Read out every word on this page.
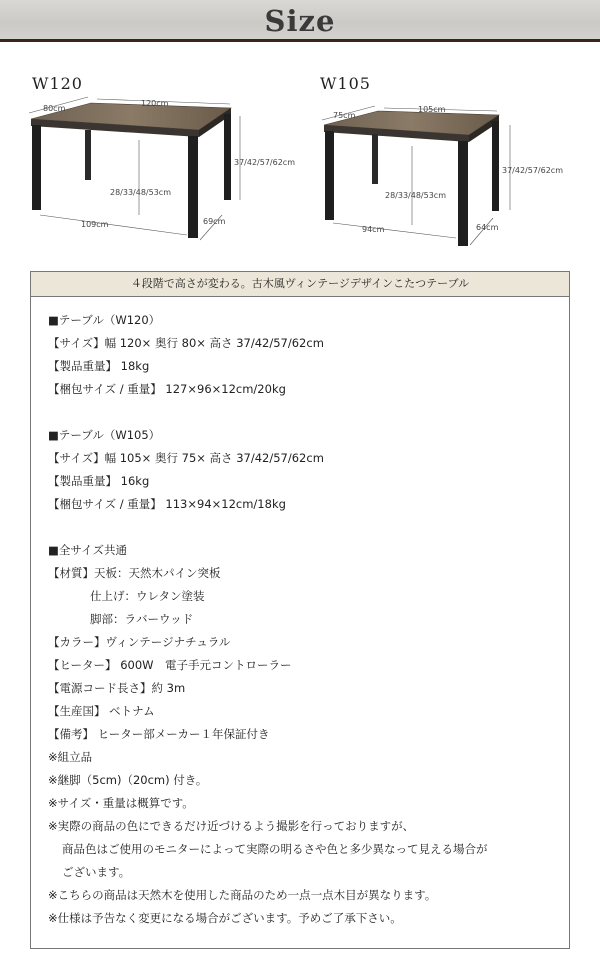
Size
W120
80cm
120cm
37/42/57/62cm
28/33/48/53cm
109cm	69cm
W105
75cm
105cm
37/42/57/62cm
28/33/48/53cm
94cm	64cm
４段階で高さが変わる。古木風ヴィンテージデザインこたつテーブル
■テーブル（W120）
【サイズ】幅 120× 奥行 80× 高さ 37/42/57/62cm
【製品重量】 18kg
【梱包サイズ / 重量】 127×96×12cm/20kg
■テーブル（W105）
【サイズ】幅 105× 奥行 75× 高さ 37/42/57/62cm
【製品重量】 16kg
【梱包サイズ / 重量】 113×94×12cm/18kg
■全サイズ共通
【材質】天板：天然木パイン突板
仕上げ：ウレタン塗装
脚部：ラバーウッド
【カラー】ヴィンテージナチュラル
【ヒーター】 600W　電子手元コントローラー
【電源コード長さ】約 3m
【生産国】 ベトナム
【備考】 ヒーター部メーカー１年保証付き
※組立品
※継脚（5cm)（20cm) 付き。
※サイズ・重量は概算です。
※実際の商品の色にできるだけ近づけるよう撮影を行っておりますが、
商品色はご使用のモニターによって実際の明るさや色と多少異なって見える場合が
ございます。
※こちらの商品は天然木を使用した商品のため一点一点木目が異なります。
※仕様は予告なく変更になる場合がございます。予めご了承下さい。
